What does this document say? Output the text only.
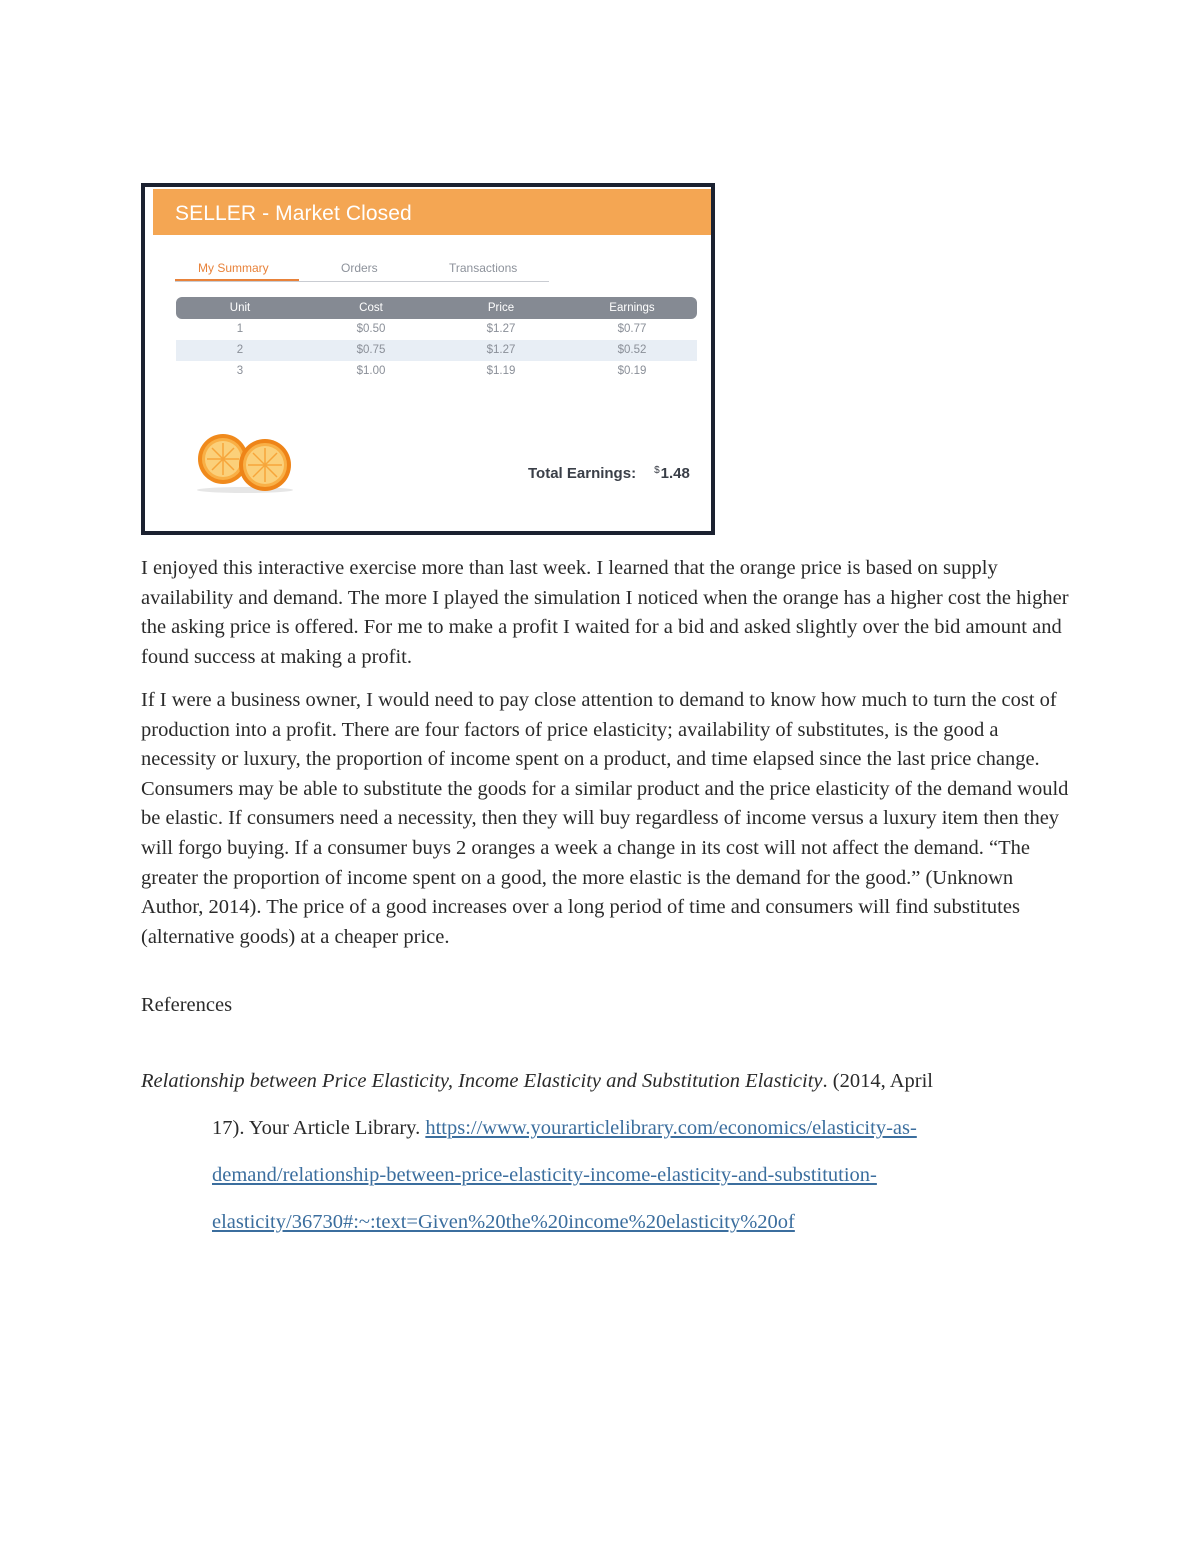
SELLER - Market Closed
My Summary	Orders	Transactions
Unit	Cost	Price	Earnings
1	$0.50	$1.27	$0.77
2	$0.75	$1.27	$0.52
3	$1.00	$1.19	$0.19
Total Earnings: $1.48

I enjoyed this interactive exercise more than last week. I learned that the orange price is based on supply availability and demand. The more I played the simulation I noticed when the orange has a higher cost the higher the asking price is offered. For me to make a profit I waited for a bid and asked slightly over the bid amount and found success at making a profit.

If I were a business owner, I would need to pay close attention to demand to know how much to turn the cost of production into a profit. There are four factors of price elasticity; availability of substitutes, is the good a necessity or luxury, the proportion of income spent on a product, and time elapsed since the last price change. Consumers may be able to substitute the goods for a similar product and the price elasticity of the demand would be elastic. If consumers need a necessity, then they will buy regardless of income versus a luxury item then they will forgo buying. If a consumer buys 2 oranges a week a change in its cost will not affect the demand. “The greater the proportion of income spent on a good, the more elastic is the demand for the good.” (Unknown Author, 2014). The price of a good increases over a long period of time and consumers will find substitutes (alternative goods) at a cheaper price.

References
Relationship between Price Elasticity, Income Elasticity and Substitution Elasticity. (2014, April
17). Your Article Library. https://www.yourarticlelibrary.com/economics/elasticity-as-
demand/relationship-between-price-elasticity-income-elasticity-and-substitution-
elasticity/36730#:~:text=Given%20the%20income%20elasticity%20of
